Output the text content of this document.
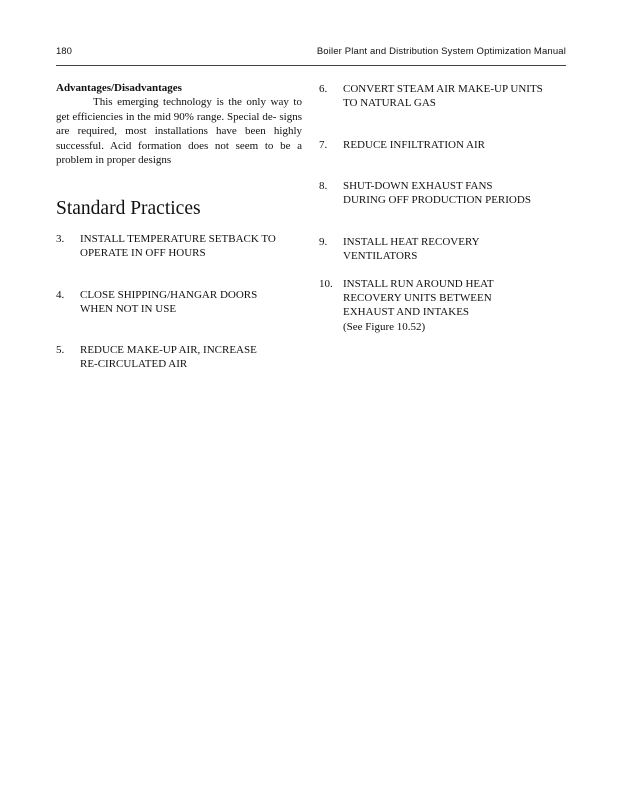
180	Boiler Plant and Distribution System Optimization Manual

Advantages/Disadvantages

This emerging technology is the only way to get efficiencies in the mid 90% range. Special de- signs are required, most installations have been highly successful. Acid formation does not seem to be a problem in proper designs

Standard Practices
3. INSTALL TEMPERATURE SETBACK TO
OPERATE IN OFF HOURS
4. CLOSE SHIPPING/HANGAR DOORS
WHEN NOT IN USE
5. REDUCE MAKE-UP AIR, INCREASE
RE-CIRCULATED AIR
6. CONVERT STEAM AIR MAKE-UP UNITS
TO NATURAL GAS
7. REDUCE INFILTRATION AIR
8. SHUT-DOWN EXHAUST FANS
DURING OFF PRODUCTION PERIODS
9. INSTALL HEAT RECOVERY
VENTILATORS
10. INSTALL RUN AROUND HEAT
RECOVERY UNITS BETWEEN
EXHAUST AND INTAKES
(See Figure 10.52)
